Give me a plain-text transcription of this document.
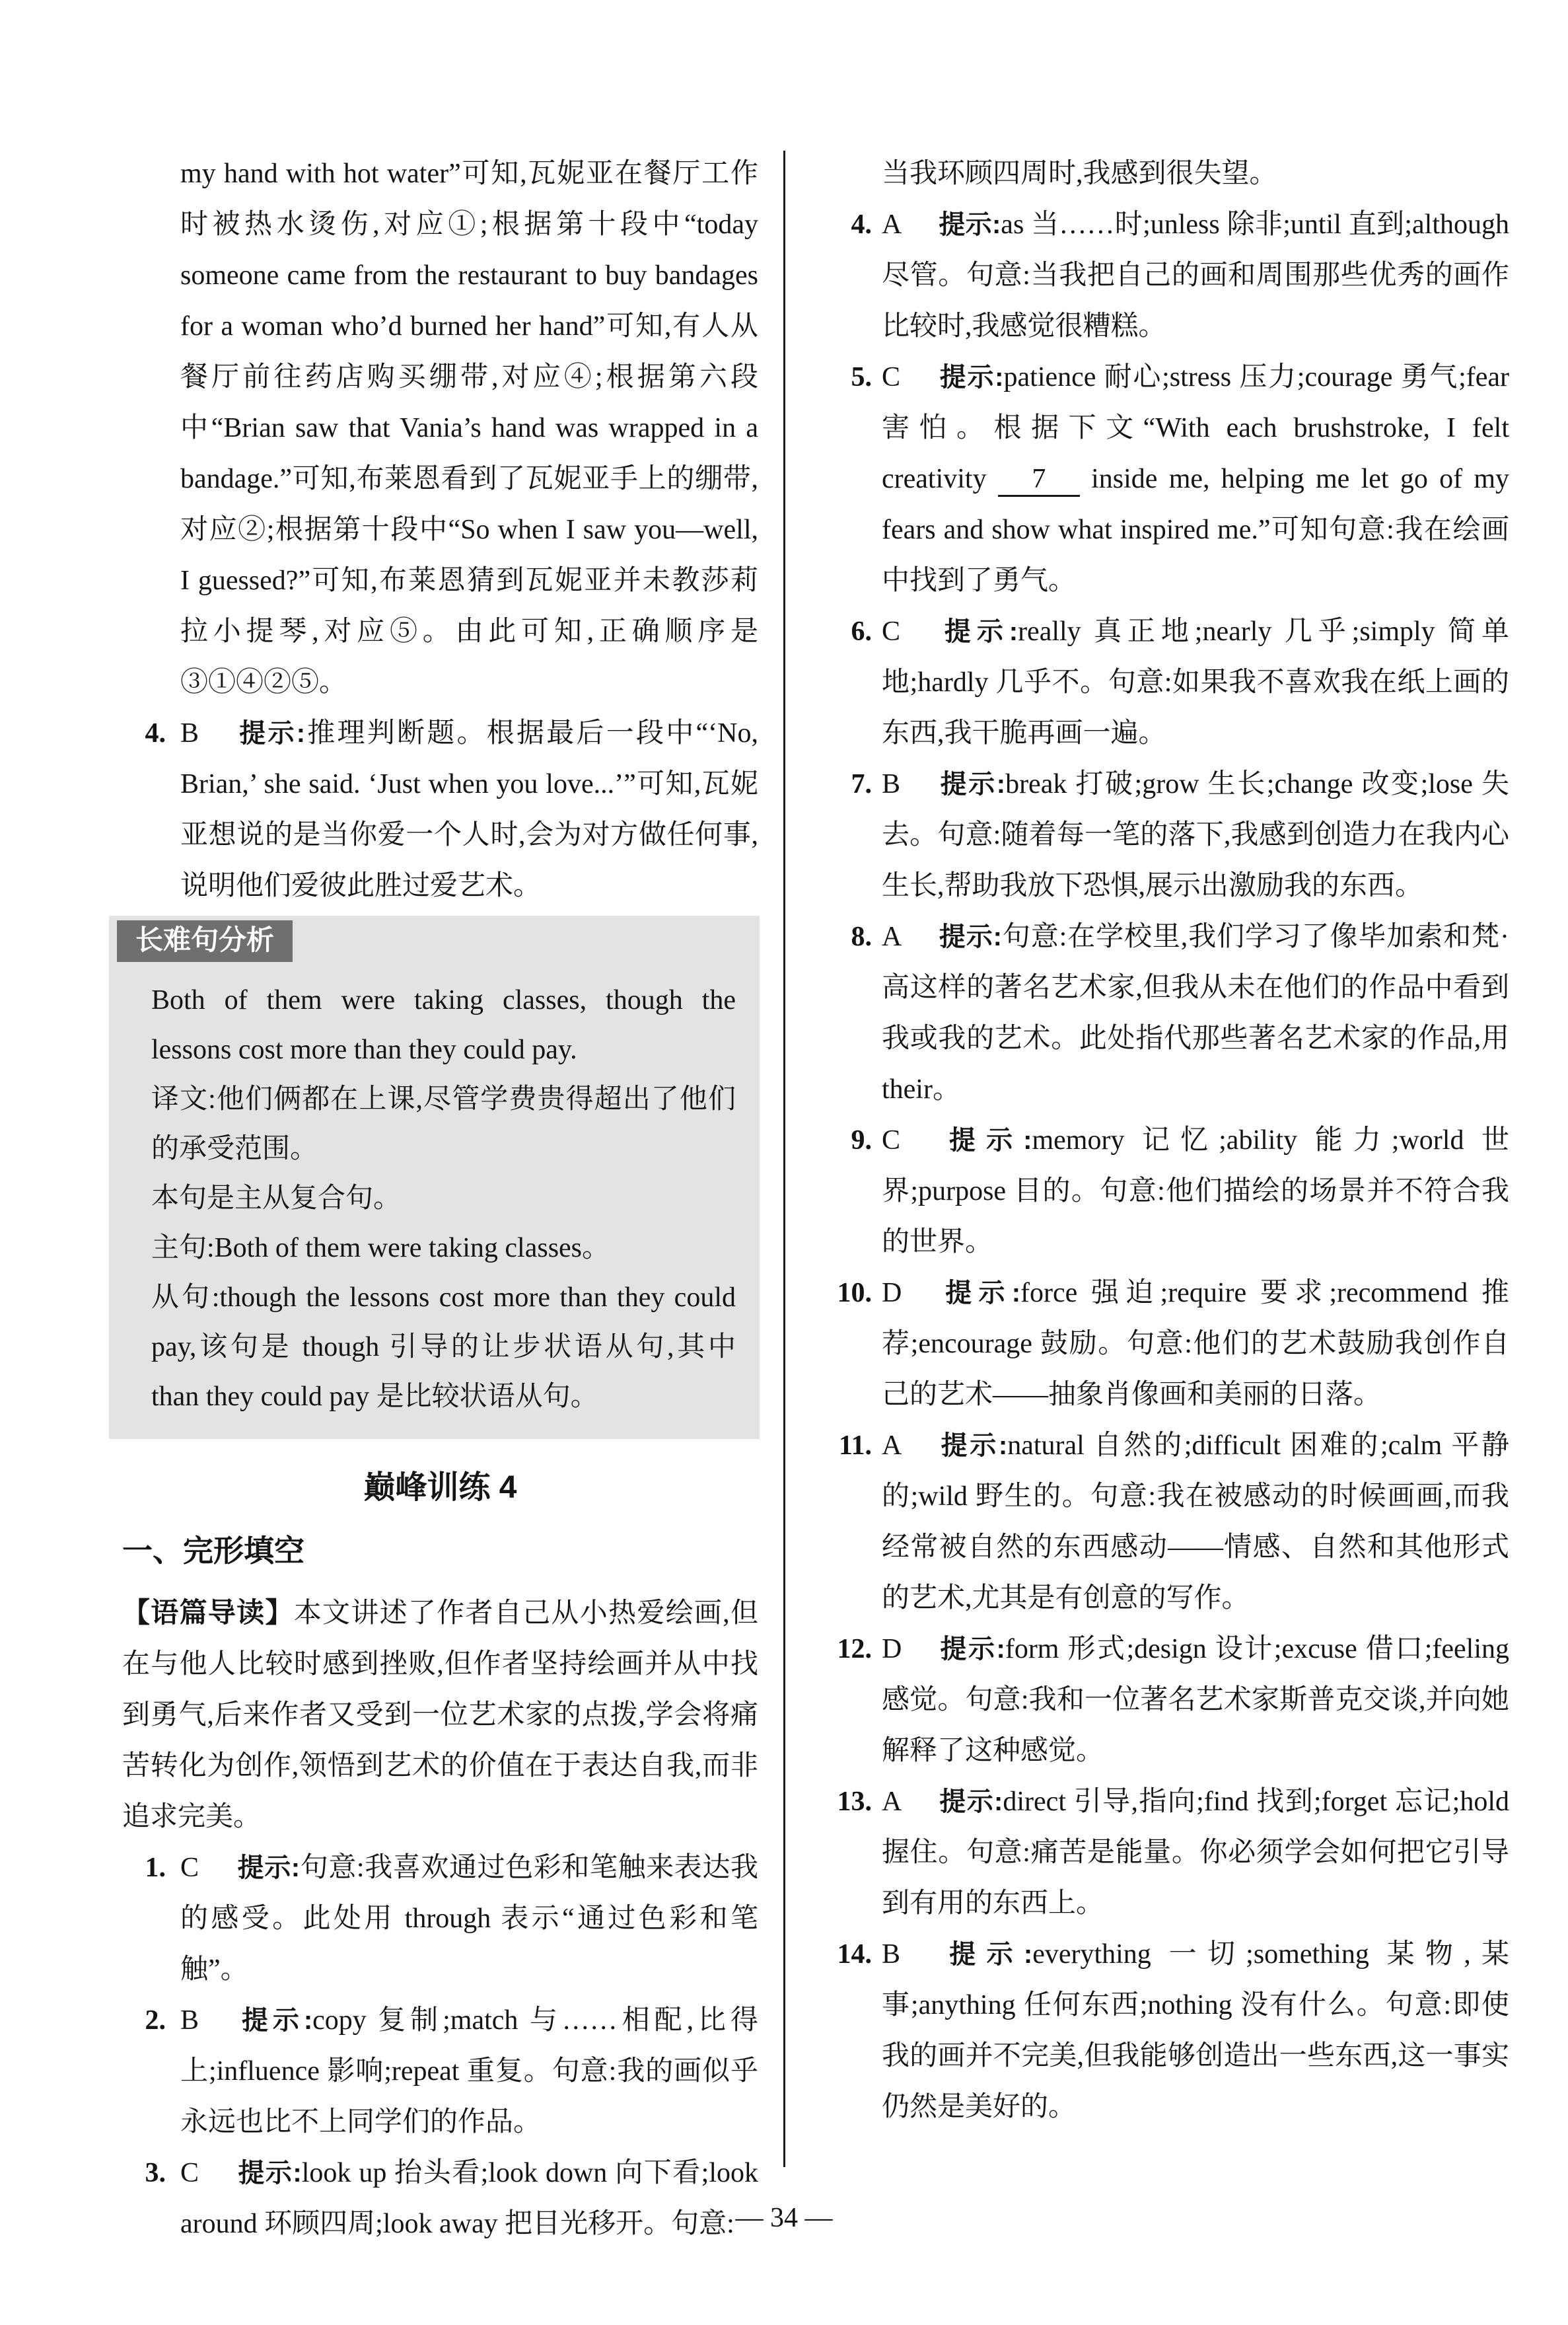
my hand with hot water”可知,瓦妮亚在餐厅工作时被热水烫伤,对应①;根据第十段中“today someone came from the restaurant to buy bandages for a woman who’d burned her hand”可知,有人从餐厅前往药店购买绷带,对应④;根据第六段中“Brian saw that Vania’s hand was wrapped in a bandage.”可知,布莱恩看到了瓦妮亚手上的绷带,对应②;根据第十段中“So when I saw you—well, I guessed?”可知,布莱恩猜到瓦妮亚并未教莎莉拉小提琴,对应⑤。由此可知,正确顺序是③①④②⑤。

4. B 提示:推理判断题。根据最后一段中“‘No, Brian,’ she said. ‘Just when you love...’”可知,瓦妮亚想说的是当你爱一个人时,会为对方做任何事,说明他们爱彼此胜过爱艺术。
长难句分析

Both of them were taking classes, though the lessons cost more than they could pay.

译文:他们俩都在上课,尽管学费贵得超出了他们的承受范围。

本句是主从复合句。

主句:Both of them were taking classes。

从句:though the lessons cost more than they could pay,该句是 though 引导的让步状语从句,其中 than they could pay 是比较状语从句。

巅峰训练 4
一、完形填空

【语篇导读】本文讲述了作者自己从小热爱绘画,但在与他人比较时感到挫败,但作者坚持绘画并从中找到勇气,后来作者又受到一位艺术家的点拨,学会将痛苦转化为创作,领悟到艺术的价值在于表达自我,而非追求完美。

1. C 提示:句意:我喜欢通过色彩和笔触来表达我的感受。此处用 through 表示“通过色彩和笔触”。
2. B 提示:copy 复制;match 与……相配,比得上;influence 影响;repeat 重复。句意:我的画似乎永远也比不上同学们的作品。
3. C 提示:look up 抬头看;look down 向下看;look around 环顾四周;look away 把目光移开。句意:

当我环顾四周时,我感到很失望。

4. A 提示:as 当……时;unless 除非;until 直到;although 尽管。句意:当我把自己的画和周围那些优秀的画作比较时,我感觉很糟糕。
5. C 提示:patience 耐心;stress 压力;courage 勇气;fear 害怕。根据下文“With each brushstroke, I felt creativity 7 inside me, helping me let go of my fears and show what inspired me.”可知句意:我在绘画中找到了勇气。
6. C 提示:really 真正地;nearly 几乎;simply 简单地;hardly 几乎不。句意:如果我不喜欢我在纸上画的东西,我干脆再画一遍。
7. B 提示:break 打破;grow 生长;change 改变;lose 失去。句意:随着每一笔的落下,我感到创造力在我内心生长,帮助我放下恐惧,展示出激励我的东西。
8. A 提示:句意:在学校里,我们学习了像毕加索和梵·高这样的著名艺术家,但我从未在他们的作品中看到我或我的艺术。此处指代那些著名艺术家的作品,用 their。
9. C 提示:memory 记忆;ability 能力;world 世界;purpose 目的。句意:他们描绘的场景并不符合我的世界。
10. D 提示:force 强迫;require 要求;recommend 推荐;encourage 鼓励。句意:他们的艺术鼓励我创作自己的艺术——抽象肖像画和美丽的日落。
11. A 提示:natural 自然的;difficult 困难的;calm 平静的;wild 野生的。句意:我在被感动的时候画画,而我经常被自然的东西感动——情感、自然和其他形式的艺术,尤其是有创意的写作。
12. D 提示:form 形式;design 设计;excuse 借口;feeling 感觉。句意:我和一位著名艺术家斯普克交谈,并向她解释了这种感觉。
13. A 提示:direct 引导,指向;find 找到;forget 忘记;hold 握住。句意:痛苦是能量。你必须学会如何把它引导到有用的东西上。
14. B 提示:everything 一切;something 某物,某事;anything 任何东西;nothing 没有什么。句意:即使我的画并不完美,但我能够创造出一些东西,这一事实仍然是美好的。
— 34 —
